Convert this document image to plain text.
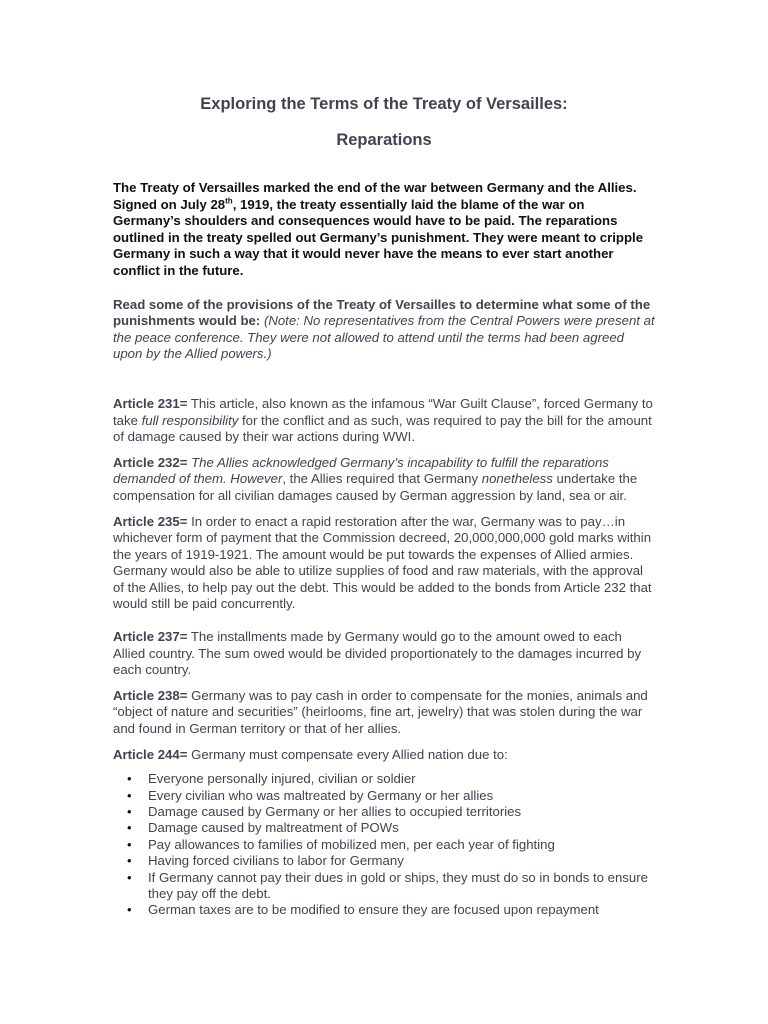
Exploring the Terms of the Treaty of Versailles:
Reparations

The Treaty of Versailles marked the end of the war between Germany and the Allies. Signed on July 28th, 1919, the treaty essentially laid the blame of the war on Germany’s shoulders and consequences would have to be paid. The reparations outlined in the treaty spelled out Germany’s punishment. They were meant to cripple Germany in such a way that it would never have the means to ever start another conflict in the future.

Read some of the provisions of the Treaty of Versailles to determine what some of the punishments would be: (Note: No representatives from the Central Powers were present at the peace conference. They were not allowed to attend until the terms had been agreed upon by the Allied powers.)

Article 231= This article, also known as the infamous “War Guilt Clause”, forced Germany to take full responsibility for the conflict and as such, was required to pay the bill for the amount of damage caused by their war actions during WWI.

Article 232= The Allies acknowledged Germany’s incapability to fulfill the reparations demanded of them. However, the Allies required that Germany nonetheless undertake the compensation for all civilian damages caused by German aggression by land, sea or air.

Article 235= In order to enact a rapid restoration after the war, Germany was to pay…in whichever form of payment that the Commission decreed, 20,000,000,000 gold marks within the years of 1919-1921. The amount would be put towards the expenses of Allied armies. Germany would also be able to utilize supplies of food and raw materials, with the approval of the Allies, to help pay out the debt. This would be added to the bonds from Article 232 that would still be paid concurrently.

Article 237= The installments made by Germany would go to the amount owed to each Allied country. The sum owed would be divided proportionately to the damages incurred by each country.

Article 238= Germany was to pay cash in order to compensate for the monies, animals and “object of nature and securities” (heirlooms, fine art, jewelry) that was stolen during the war and found in German territory or that of her allies.

Article 244= Germany must compensate every Allied nation due to:

• Everyone personally injured, civilian or soldier
• Every civilian who was maltreated by Germany or her allies
• Damage caused by Germany or her allies to occupied territories
• Damage caused by maltreatment of POWs
• Pay allowances to families of mobilized men, per each year of fighting
• Having forced civilians to labor for Germany
• If Germany cannot pay their dues in gold or ships, they must do so in bonds to ensure they pay off the debt.
• German taxes are to be modified to ensure they are focused upon repayment
